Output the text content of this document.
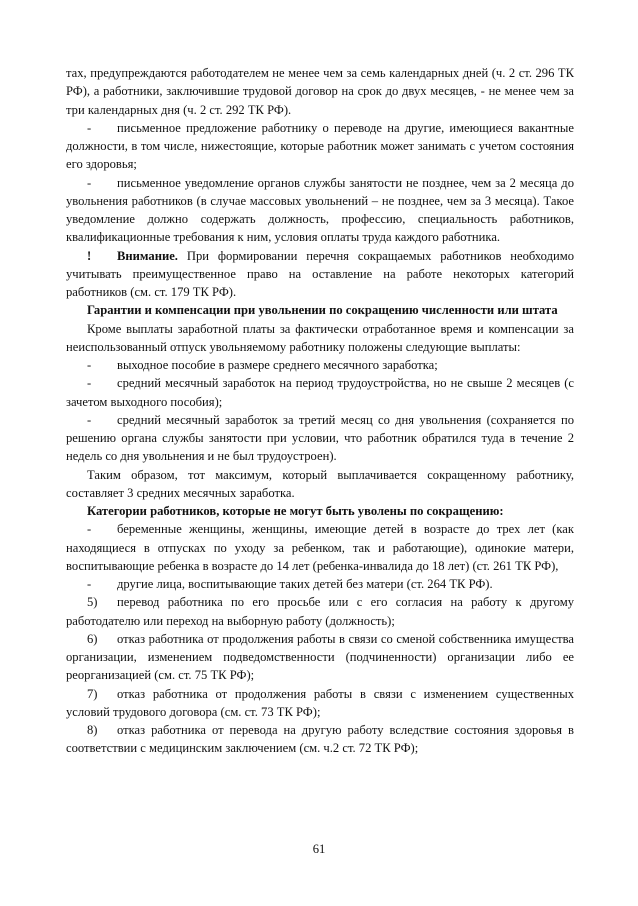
тах, предупреждаются работодателем не менее чем за семь календарных дней (ч. 2 ст. 296 ТК РФ), а работники, заключившие трудовой договор на срок до двух месяцев, - не менее чем за три календарных дня (ч. 2 ст. 292 ТК РФ).

- письменное предложение работнику о переводе на другие, имеющиеся вакантные должности, в том числе, нижестоящие, которые работник может занимать с учетом состояния его здоровья;

- письменное уведомление органов службы занятости не позднее, чем за 2 месяца до увольнения работников (в случае массовых увольнений – не позднее, чем за 3 месяца). Такое уведомление должно содержать должность, профессию, специальность работников, квалификационные требования к ним, условия оплаты труда каждого работника.

! Внимание. При формировании перечня сокращаемых работников необходимо учитывать преимущественное право на оставление на работе некоторых категорий работников (см. ст. 179 ТК РФ).

Гарантии и компенсации при увольнении по сокращению численности или штата

Кроме выплаты заработной платы за фактически отработанное время и компенсации за неиспользованный отпуск увольняемому работнику положены следующие выплаты:

- выходное пособие в размере среднего месячного заработка;

- средний месячный заработок на период трудоустройства, но не свыше 2 месяцев (с зачетом выходного пособия);

- средний месячный заработок за третий месяц со дня увольнения (сохраняется по решению органа службы занятости при условии, что работник обратился туда в течение 2 недель со дня увольнения и не был трудоустроен).

Таким образом, тот максимум, который выплачивается сокращенному работнику, составляет 3 средних месячных заработка.

Категории работников, которые не могут быть уволены по сокращению:

- беременные женщины, женщины, имеющие детей в возрасте до трех лет (как находящиеся в отпусках по уходу за ребенком, так и работающие), одинокие матери, воспитывающие ребенка в возрасте до 14 лет (ребенка-инвалида до 18 лет) (ст. 261 ТК РФ),

- другие лица, воспитывающие таких детей без матери (ст. 264 ТК РФ).

5) перевод работника по его просьбе или с его согласия на работу к другому работодателю или переход на выборную работу (должность);

6) отказ работника от продолжения работы в связи со сменой собственника имущества организации, изменением подведомственности (подчиненности) организации либо ее реорганизацией (см. ст. 75 ТК РФ);

7) отказ работника от продолжения работы в связи с изменением существенных условий трудового договора (см. ст. 73 ТК РФ);

8) отказ работника от перевода на другую работу вследствие состояния здоровья в соответствии с медицинским заключением (см. ч.2 ст. 72 ТК РФ);

61
